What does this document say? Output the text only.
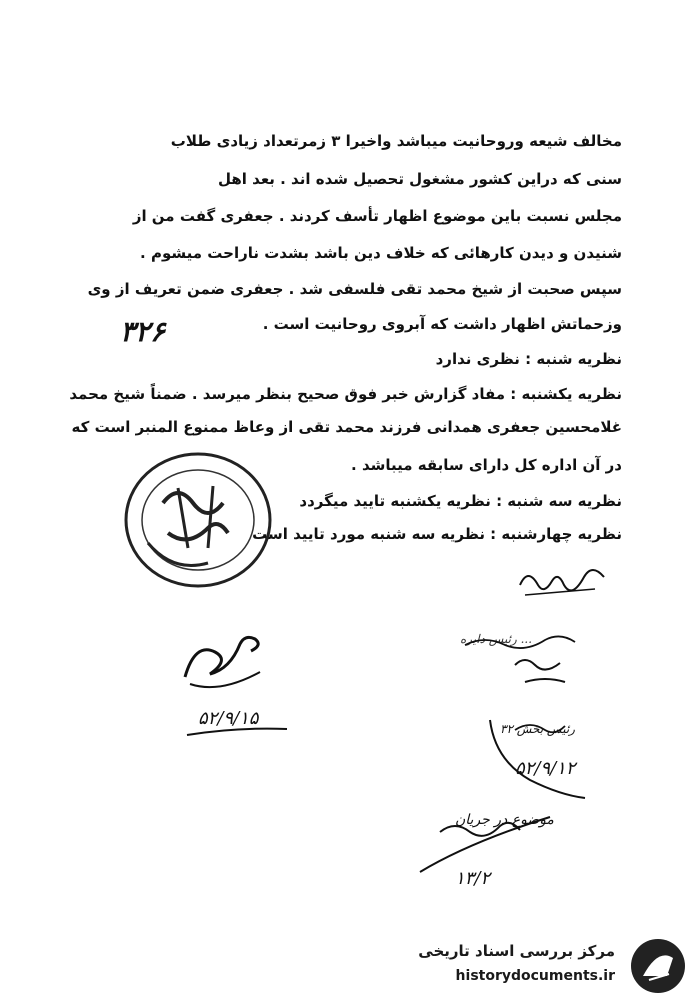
مخالف شیعه وروحانیت میباشد واخیرا ۳ زمرتعداد زیادی طلاب
سنی که دراین کشور مشغول تحصیل شده اند . بعد اهل
مجلس نسبت باین موضوع اظهار تأسف کردند . جعفری گفت من از
شنیدن و دیدن کارهائی که خلاف دین باشد بشدت ناراحت میشوم .
سپس صحبت از شیخ محمد تقی فلسفی شد . جعفری ضمن تعریف از وی
وزحماتش اظهار داشت که آبروی روحانیت است .
۳۲۶
نظریه شنبه : نظری ندارد
نظریه یکشنبه : مفاد گزارش خبر فوق صحیح بنظر میرسد . ضمناً شیخ محمد
غلامحسین جعفری همدانی فرزند محمد تقی از وعاظ ممنوع المنبر است که
در آن اداره کل دارای سابقه میباشد .
نظریه سه شنبه : نظریه یکشنبه تایید میگردد
نظریه چهارشنبه : نظریه سه شنبه مورد تایید است
۵۲/۹/۱۵
رئیس دایره ...
رئیس بخش ۳۲
۵۲/۹/۱۲
موضوع در جریان
۱۳/۲
مرکز بررسی اسناد تاریخی
historydocuments.ir
